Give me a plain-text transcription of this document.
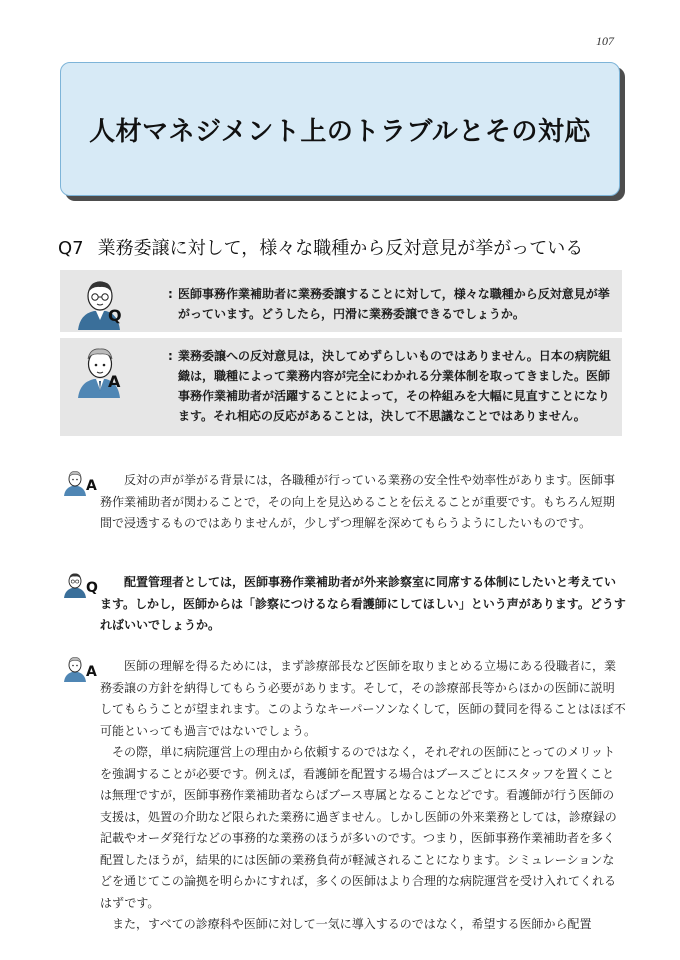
107
人材マネジメント上のトラブルとその対応
Q7 業務委譲に対して，様々な職種から反対意見が挙がっている
Q
: 医師事務作業補助者に業務委譲することに対して，様々な職種から反対意見が挙がっています。どうしたら，円滑に業務委譲できるでしょうか。
A
: 業務委譲への反対意見は，決してめずらしいものではありません。日本の病院組織は，職種によって業務内容が完全にわかれる分業体制を取ってきました。医師事務作業補助者が活躍することによって，その枠組みを大幅に見直すことになります。それ相応の反応があることは，決して不思議なことではありません。
A	反対の声が挙がる背景には，各職種が行っている業務の安全性や効率性があります。医師事務作業補助者が関わることで，その向上を見込めることを伝えることが重要です。もちろん短期間で浸透するものではありませんが，少しずつ理解を深めてもらうようにしたいものです。

Q	配置管理者としては，医師事務作業補助者が外来診察室に同席する体制にしたいと考えています。しかし，医師からは「診察につけるなら看護師にしてほしい」という声があります。どうすればいいでしょうか。

A	医師の理解を得るためには，まず診療部長など医師を取りまとめる立場にある役職者に，業務委譲の方針を納得してもらう必要があります。そして，その診療部長等からほかの医師に説明してもらうことが望まれます。このようなキーパーソンなくして，医師の賛同を得ることはほぼ不可能といっても過言ではないでしょう。
その際，単に病院運営上の理由から依頼するのではなく，それぞれの医師にとってのメリットを強調することが必要です。例えば，看護師を配置する場合はブースごとにスタッフを置くことは無理ですが，医師事務作業補助者ならばブース専属となることなどです。看護師が行う医師の支援は，処置の介助など限られた業務に過ぎません。しかし医師の外来業務としては，診療録の記載やオーダ発行などの事務的な業務のほうが多いのです。つまり，医師事務作業補助者を多く配置したほうが，結果的には医師の業務負荷が軽減されることになります。シミュレーションなどを通じてこの論拠を明らかにすれば，多くの医師はより合理的な病院運営を受け入れてくれるはずです。
また，すべての診療科や医師に対して一気に導入するのではなく，希望する医師から配置
